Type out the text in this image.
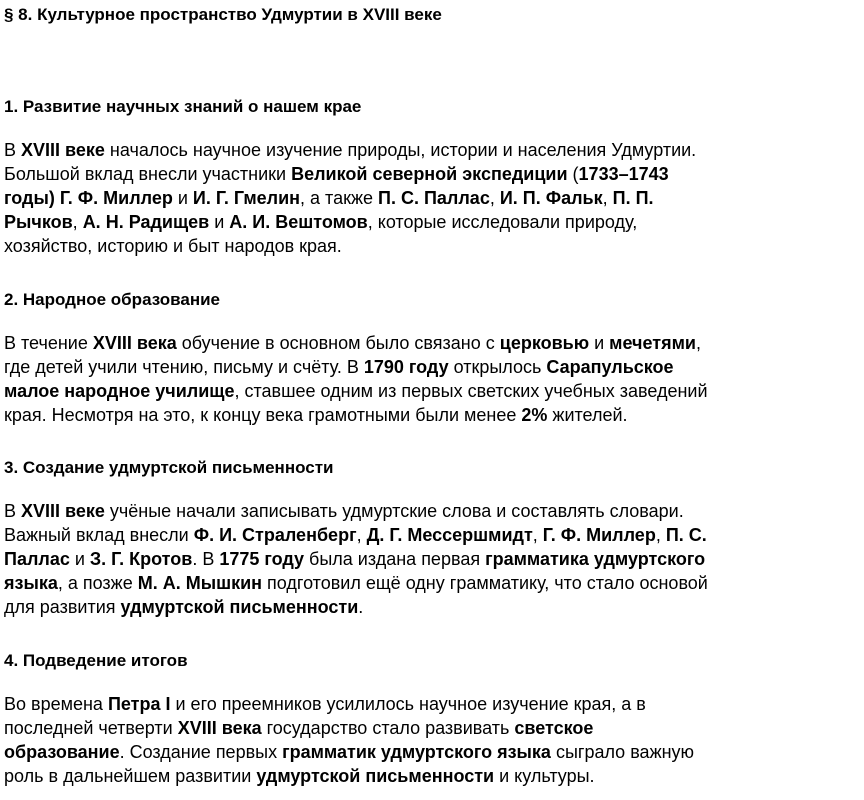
§ 8. Культурное пространство Удмуртии в XVIII веке
1. Развитие научных знаний о нашем крае

В XVIII веке началось научное изучение природы, истории и населения Удмуртии.
Большой вклад внесли участники Великой северной экспедиции (1733–1743
годы) Г. Ф. Миллер и И. Г. Гмелин, а также П. С. Паллас, И. П. Фальк, П. П.
Рычков, А. Н. Радищев и А. И. Вештомов, которые исследовали природу,
хозяйство, историю и быт народов края.

2. Народное образование

В течение XVIII века обучение в основном было связано с церковью и мечетями,
где детей учили чтению, письму и счёту. В 1790 году открылось Сарапульское
малое народное училище, ставшее одним из первых светских учебных заведений
края. Несмотря на это, к концу века грамотными были менее 2% жителей.

3. Создание удмуртской письменности

В XVIII веке учёные начали записывать удмуртские слова и составлять словари.
Важный вклад внесли Ф. И. Страленберг, Д. Г. Мессершмидт, Г. Ф. Миллер, П. С.
Паллас и З. Г. Кротов. В 1775 году была издана первая грамматика удмуртского
языка, а позже М. А. Мышкин подготовил ещё одну грамматику, что стало основой
для развития удмуртской письменности.

4. Подведение итогов

Во времена Петра I и его преемников усилилось научное изучение края, а в
последней четверти XVIII века государство стало развивать светское
образование. Создание первых грамматик удмуртского языка сыграло важную
роль в дальнейшем развитии удмуртской письменности и культуры.
